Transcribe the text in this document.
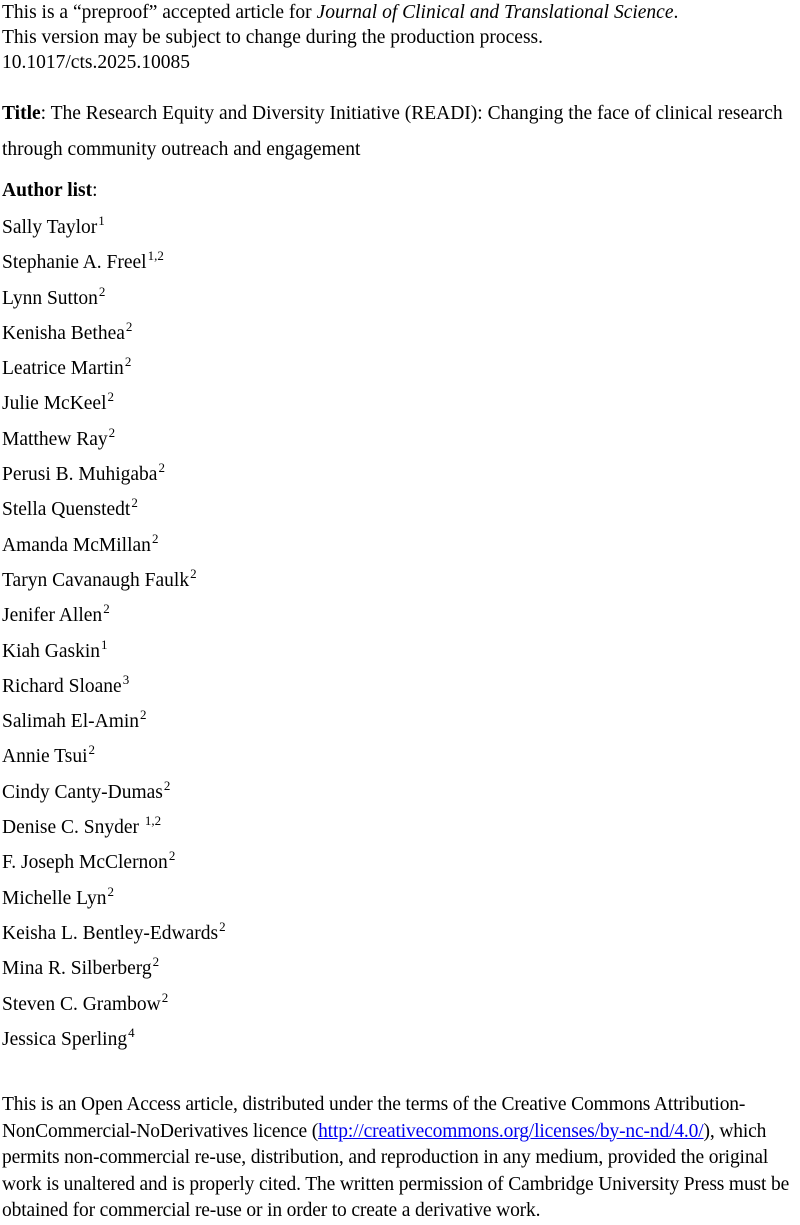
This is a “preproof” accepted article for Journal of Clinical and Translational Science.
This version may be subject to change during the production process.
10.1017/cts.2025.10085
Title: The Research Equity and Diversity Initiative (READI): Changing the face of clinical research through community outreach and engagement
Author list:
Sally Taylor$^1$
Stephanie A. Freel$^{1,2}$
Lynn Sutton$^2$
Kenisha Bethea$^2$
Leatrice Martin$^2$
Julie McKeel$^2$
Matthew Ray$^2$
Perusi B. Muhigaba$^2$
Stella Quenstedt$^2$
Amanda McMillan$^2$
Taryn Cavanaugh Faulk$^2$
Jenifer Allen$^2$
Kiah Gaskin$^1$
Richard Sloane$^3$
Salimah El-Amin$^2$
Annie Tsui$^2$
Cindy Canty-Dumas$^2$
Denise C. Snyder $^{1,2}$
F. Joseph McClernon$^2$
Michelle Lyn$^2$
Keisha L. Bentley-Edwards$^2$
Mina R. Silberberg$^2$
Steven C. Grambow$^2$
Jessica Sperling$^4$
This is an Open Access article, distributed under the terms of the Creative Commons Attribution-NonCommercial-NoDerivatives licence (http://creativecommons.org/licenses/by-nc-nd/4.0/), which permits non-commercial re-use, distribution, and reproduction in any medium, provided the original work is unaltered and is properly cited. The written permission of Cambridge University Press must be obtained for commercial re-use or in order to create a derivative work.
